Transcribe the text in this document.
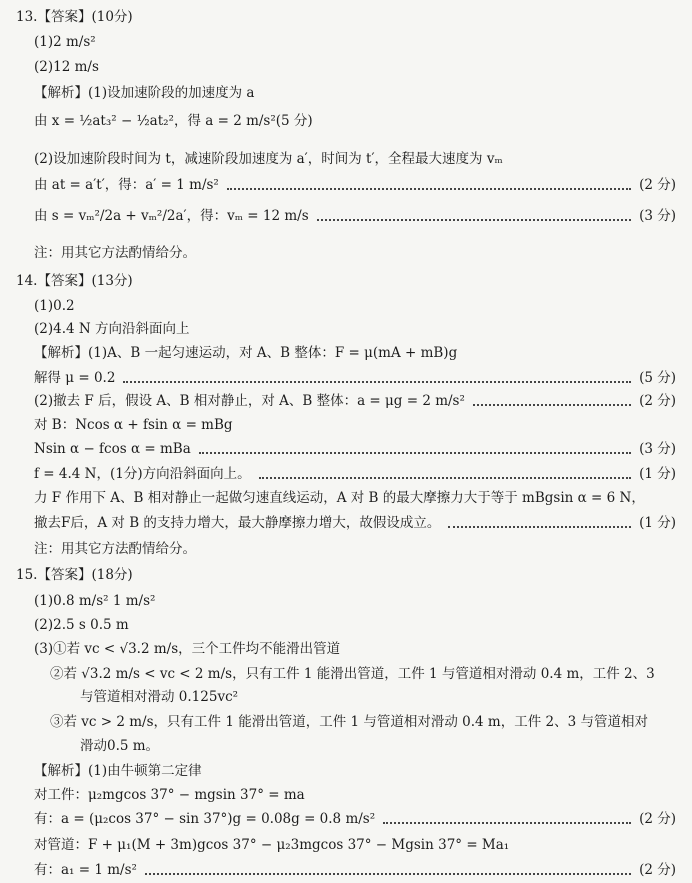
13.【答案】(10分)
(1)2 m/s²
(2)12 m/s
【解析】(1)设加速阶段的加速度为 a
由 x = ½at₃² − ½at₂²，得 a = 2 m/s²(5 分)
(2)设加速阶段时间为 t，减速阶段加速度为 a′，时间为 t′，全程最大速度为 vₘ
由 at = a′t′，得：a′ = 1 m/s²	(2 分)
由 s = vₘ²/2a + vₘ²/2a′，得：vₘ = 12 m/s	(3 分)
注：用其它方法酌情给分。
14.【答案】(13分)
(1)0.2
(2)4.4 N 方向沿斜面向上
【解析】(1)A、B 一起匀速运动，对 A、B 整体：F = μ(mA + mB)g
解得 μ = 0.2	(5 分)
(2)撤去 F 后，假设 A、B 相对静止，对 A、B 整体：a = μg = 2 m/s²	(2 分)
对 B：Ncos α + fsin α = mBg
Nsin α − fcos α = mBa	(3 分)
f = 4.4 N，(1分)方向沿斜面向上。	(1 分)
力 F 作用下 A、B 相对静止一起做匀速直线运动，A 对 B 的最大摩擦力大于等于 mBgsin α = 6 N，
撤去F后，A 对 B 的支持力增大，最大静摩擦力增大，故假设成立。	(1 分)
注：用其它方法酌情给分。
15.【答案】(18分)
(1)0.8 m/s² 1 m/s²
(2)2.5 s 0.5 m
(3)①若 vc < √3.2 m/s，三个工件均不能滑出管道
②若 √3.2 m/s < vc < 2 m/s，只有工件 1 能滑出管道，工件 1 与管道相对滑动 0.4 m，工件 2、3
与管道相对滑动 0.125vc²
③若 vc > 2 m/s，只有工件 1 能滑出管道，工件 1 与管道相对滑动 0.4 m，工件 2、3 与管道相对
滑动0.5 m。
【解析】(1)由牛顿第二定律
对工件：μ₂mgcos 37° − mgsin 37° = ma
有：a = (μ₂cos 37° − sin 37°)g = 0.08g = 0.8 m/s²	(2 分)
对管道：F + μ₁(M + 3m)gcos 37° − μ₂3mgcos 37° − Mgsin 37° = Ma₁
有：a₁ = 1 m/s²	(2 分)
